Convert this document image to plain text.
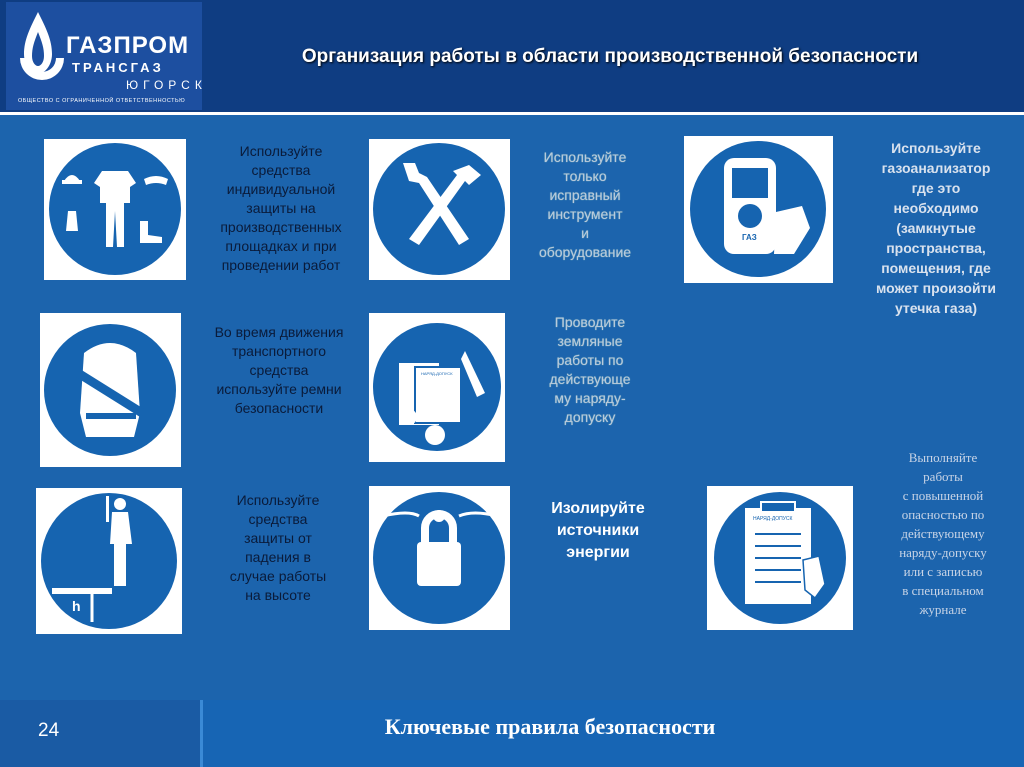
ГАЗПРОМ
ТРАНСГАЗ
ЮГОРСК
ОБЩЕСТВО С ОГРАНИЧЕННОЙ ОТВЕТСТВЕННОСТЬЮ
Организация работы в области производственной безопасности
Используйте
средства
индивидуальной
защиты на
производственных
площадках и при
проведении работ
Используйте
только
исправный
инструмент
и
оборудование
ГАЗ
Используйте
газоанализатор
где это
необходимо
(замкнутые
пространства,
помещения, где
может произойти
утечка газа)
Во время движения
транспортного
средства
используйте ремни
безопасности
НАРЯД-ДОПУСК
Проводите
земляные
работы по
действующе
му наряду-
допуску
h
Используйте
средства
защиты от
падения в
случае работы
на высоте
Изолируйте
источники
энергии
НАРЯД-ДОПУСК
Выполняйте
работы
с повышенной
опасностью по
действующему
наряду-допуску
или с записью
в специальном
журнале
24	Ключевые правила безопасности
